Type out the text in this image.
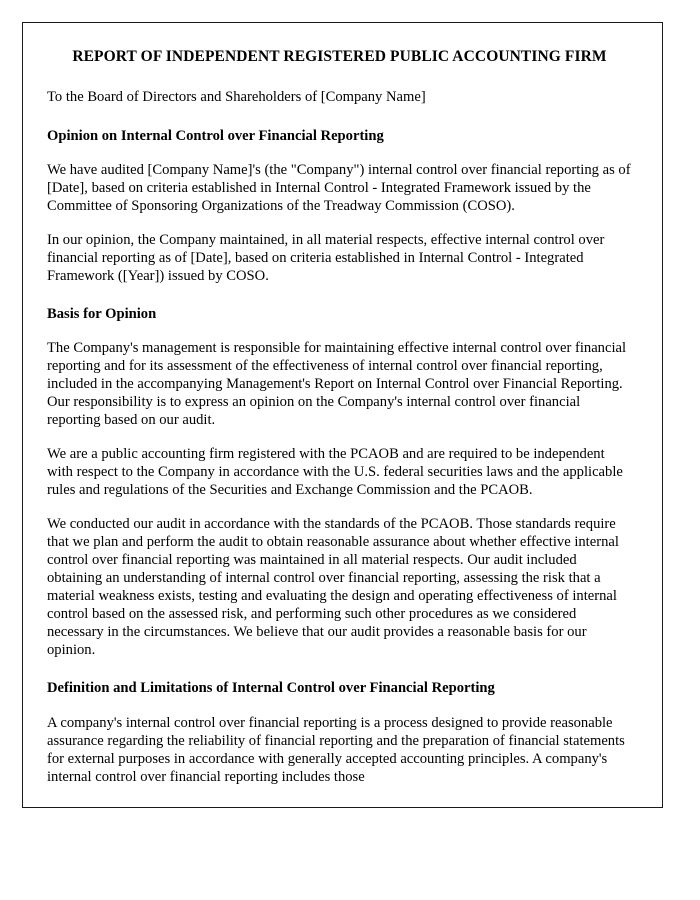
REPORT OF INDEPENDENT REGISTERED PUBLIC ACCOUNTING FIRM
To the Board of Directors and Shareholders of [Company Name]
Opinion on Internal Control over Financial Reporting
We have audited [Company Name]'s (the "Company") internal control over financial reporting as of [Date], based on criteria established in Internal Control - Integrated Framework issued by the Committee of Sponsoring Organizations of the Treadway Commission (COSO).
In our opinion, the Company maintained, in all material respects, effective internal control over financial reporting as of [Date], based on criteria established in Internal Control - Integrated Framework ([Year]) issued by COSO.
Basis for Opinion
The Company's management is responsible for maintaining effective internal control over financial reporting and for its assessment of the effectiveness of internal control over financial reporting, included in the accompanying Management's Report on Internal Control over Financial Reporting. Our responsibility is to express an opinion on the Company's internal control over financial reporting based on our audit.
We are a public accounting firm registered with the PCAOB and are required to be independent with respect to the Company in accordance with the U.S. federal securities laws and the applicable rules and regulations of the Securities and Exchange Commission and the PCAOB.
We conducted our audit in accordance with the standards of the PCAOB. Those standards require that we plan and perform the audit to obtain reasonable assurance about whether effective internal control over financial reporting was maintained in all material respects. Our audit included obtaining an understanding of internal control over financial reporting, assessing the risk that a material weakness exists, testing and evaluating the design and operating effectiveness of internal control based on the assessed risk, and performing such other procedures as we considered necessary in the circumstances. We believe that our audit provides a reasonable basis for our opinion.
Definition and Limitations of Internal Control over Financial Reporting
A company's internal control over financial reporting is a process designed to provide reasonable assurance regarding the reliability of financial reporting and the preparation of financial statements for external purposes in accordance with generally accepted accounting principles. A company's internal control over financial reporting includes those
